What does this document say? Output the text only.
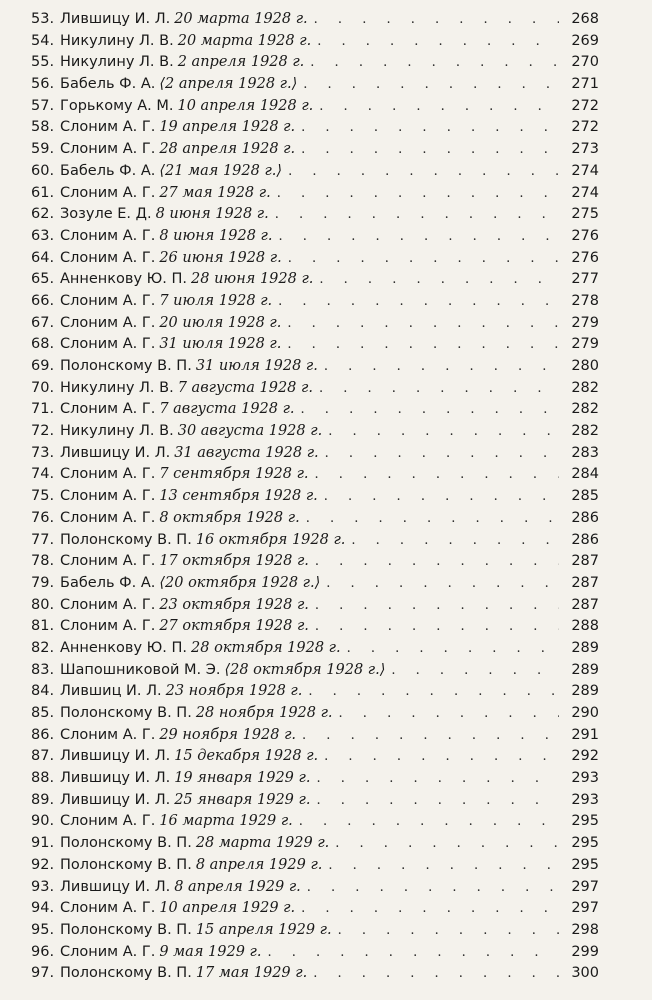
53. Лившицу И. Л. 20 марта 1928 г. . . .	268
54. Никулину Л. В. 20 марта 1928 г. . . .	269
55. Никулину Л. В. 2 апреля 1928 г. . . .	270
56. Бабель Ф. А. ⟨2 апреля 1928 г.⟩ . . .	271
57. Горькому А. М. 10 апреля 1928 г. . . .	272
58. Слоним А. Г. 19 апреля 1928 г. . . .	272
59. Слоним А. Г. 28 апреля 1928 г. . . .	273
60. Бабель Ф. А. ⟨21 мая 1928 г.⟩ . . .	274
61. Слоним А. Г. 27 мая 1928 г. . . .	274
62. Зозуле Е. Д. 8 июня 1928 г. . . .	275
63. Слоним А. Г. 8 июня 1928 г. . . .	276
64. Слоним А. Г. 26 июня 1928 г. . . .	276
65. Анненкову Ю. П. 28 июня 1928 г. . . .	277
66. Слоним А. Г. 7 июля 1928 г. . . .	278
67. Слоним А. Г. 20 июля 1928 г. . . .	279
68. Слоним А. Г. 31 июля 1928 г. . . .	279
69. Полонскому В. П. 31 июля 1928 г. . . .	280
70. Никулину Л. В. 7 августа 1928 г. . . .	282
71. Слоним А. Г. 7 августа 1928 г. . . .	282
72. Никулину Л. В. 30 августа 1928 г. . . .	282
73. Лившицу И. Л. 31 августа 1928 г. . . .	283
74. Слоним А. Г. 7 сентября 1928 г. . . .	284
75. Слоним А. Г. 13 сентября 1928 г. . . .	285
76. Слоним А. Г. 8 октября 1928 г. . . .	286
77. Полонскому В. П. 16 октября 1928 г. . . .	286
78. Слоним А. Г. 17 октября 1928 г. . . .	287
79. Бабель Ф. А. ⟨20 октября 1928 г.⟩ . . .	287
80. Слоним А. Г. 23 октября 1928 г. . . .	287
81. Слоним А. Г. 27 октября 1928 г. . . .	288
82. Анненкову Ю. П. 28 октября 1928 г. . . .	289
83. Шапошниковой М. Э. ⟨28 октября 1928 г.⟩ . . .	289
84. Лившиц И. Л. 23 ноября 1928 г. . . .	289
85. Полонскому В. П. 28 ноября 1928 г. . . .	290
86. Слоним А. Г. 29 ноября 1928 г. . . .	291
87. Лившицу И. Л. 15 декабря 1928 г. . . .	292
88. Лившицу И. Л. 19 января 1929 г. . . .	293
89. Лившицу И. Л. 25 января 1929 г. . . .	293
90. Слоним А. Г. 16 марта 1929 г. . . .	295
91. Полонскому В. П. 28 марта 1929 г. . . .	295
92. Полонскому В. П. 8 апреля 1929 г. . . .	295
93. Лившицу И. Л. 8 апреля 1929 г. . . .	297
94. Слоним А. Г. 10 апреля 1929 г. . . .	297
95. Полонскому В. П. 15 апреля 1929 г. . . .	298
96. Слоним А. Г. 9 мая 1929 г. . . .	299
97. Полонскому В. П. 17 мая 1929 г. . . .	300
